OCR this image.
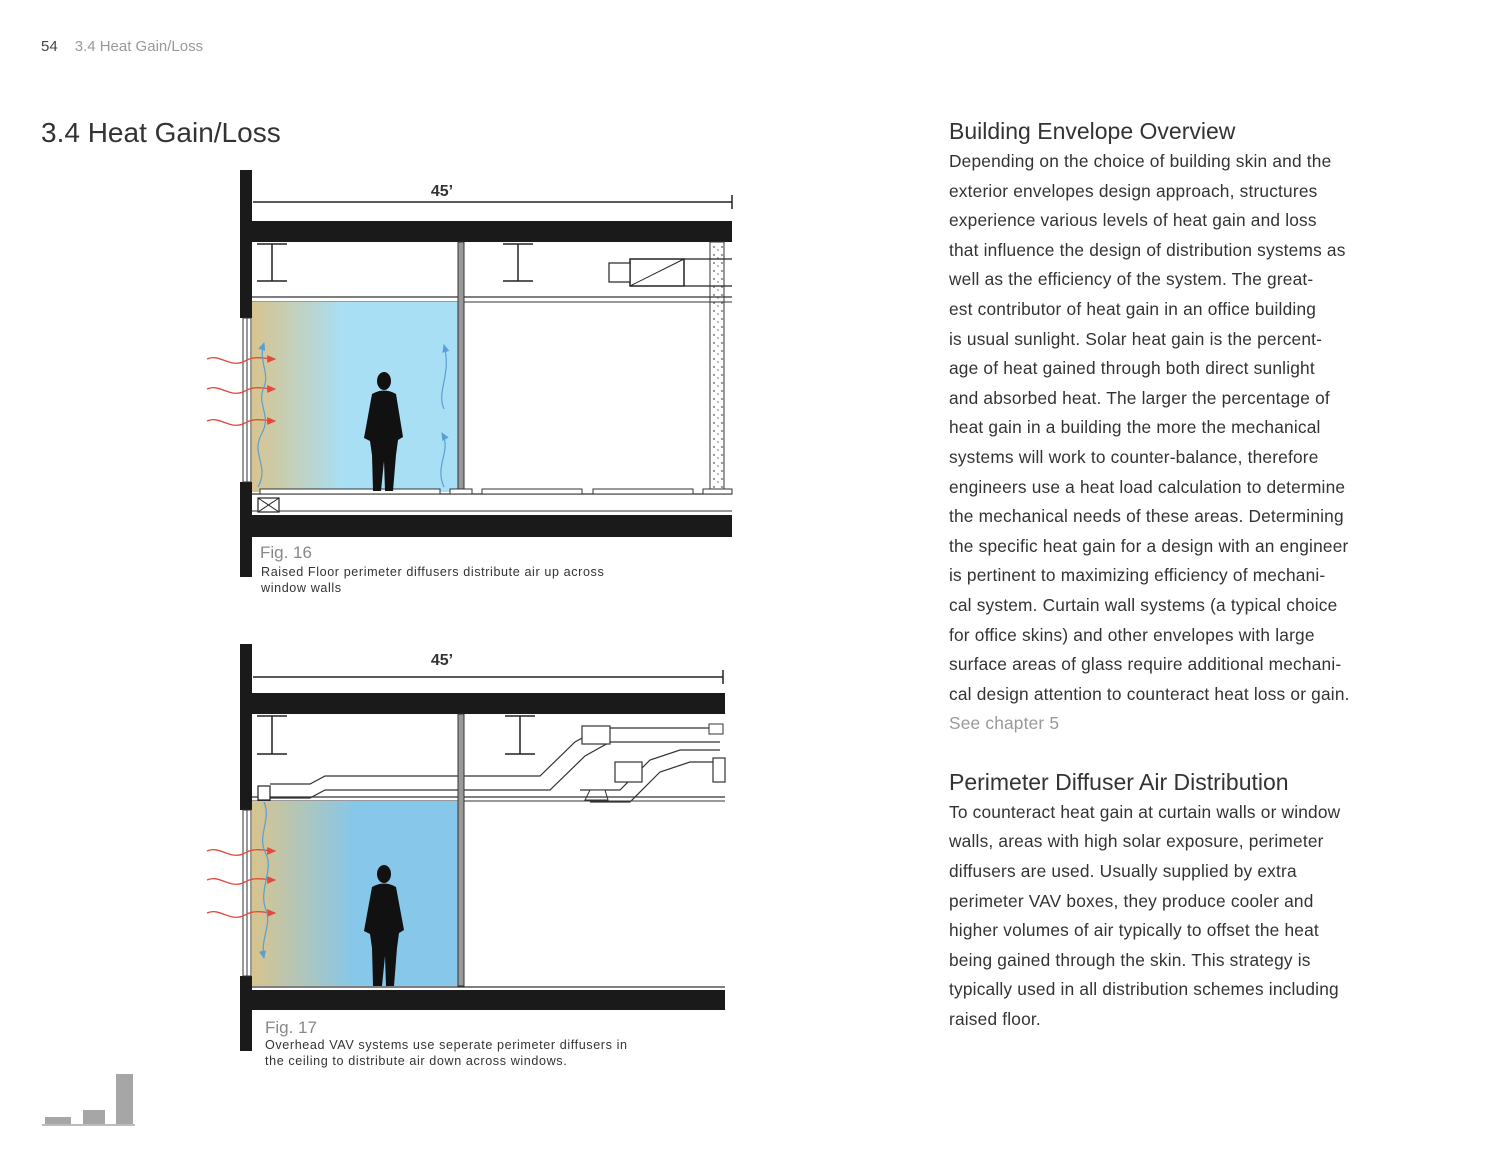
54 3.4 Heat Gain/Loss
3.4 Heat Gain/Loss
45’
Fig. 16
Raised Floor perimeter diffusers distribute air up across
window walls
45’
Fig. 17
Overhead VAV systems use seperate perimeter diffusers in
the ceiling to distribute air down across windows.
Building Envelope Overview

Depending on the choice of building skin and the
exterior envelopes design approach, structures
experience various levels of heat gain and loss
that influence the design of distribution systems as
well as the efficiency of the system. The great-
est contributor of heat gain in an office building
is usual sunlight. Solar heat gain is the percent-
age of heat gained through both direct sunlight
and absorbed heat. The larger the percentage of
heat gain in a building the more the mechanical
systems will work to counter-balance, therefore
engineers use a heat load calculation to determine
the mechanical needs of these areas. Determining
the specific heat gain for a design with an engineer
is pertinent to maximizing efficiency of mechani-
cal system. Curtain wall systems (a typical choice
for office skins) and other envelopes with large
surface areas of glass require additional mechani-
cal design attention to counteract heat loss or gain.

See chapter 5
Perimeter Diffuser Air Distribution

To counteract heat gain at curtain walls or window
walls, areas with high solar exposure, perimeter
diffusers are used. Usually supplied by extra
perimeter VAV boxes, they produce cooler and
higher volumes of air typically to offset the heat
being gained through the skin. This strategy is
typically used in all distribution schemes including
raised floor.
